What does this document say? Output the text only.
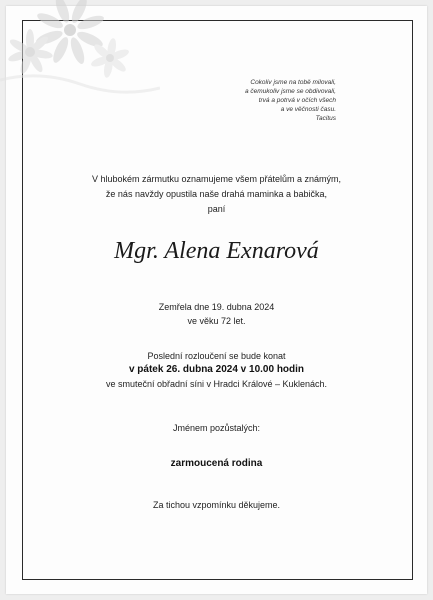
Cokoliv jsme na tobě milovali,
a čemukoliv jsme se obdivovali,
trvá a potrvá v očích všech
a ve věčnosti času.
Tacitus
V hlubokém zármutku oznamujeme všem přátelům a známým,
že nás navždy opustila naše drahá maminka a babička,
paní
Mgr. Alena Exnarová
Zemřela dne 19. dubna 2024
ve věku 72 let.
Poslední rozloučení se bude konat
v pátek 26. dubna 2024 v 10.00 hodin
ve smuteční obřadní síni v Hradci Králové – Kuklenách.
Jménem pozůstalých:
zarmoucená rodina
Za tichou vzpomínku děkujeme.
